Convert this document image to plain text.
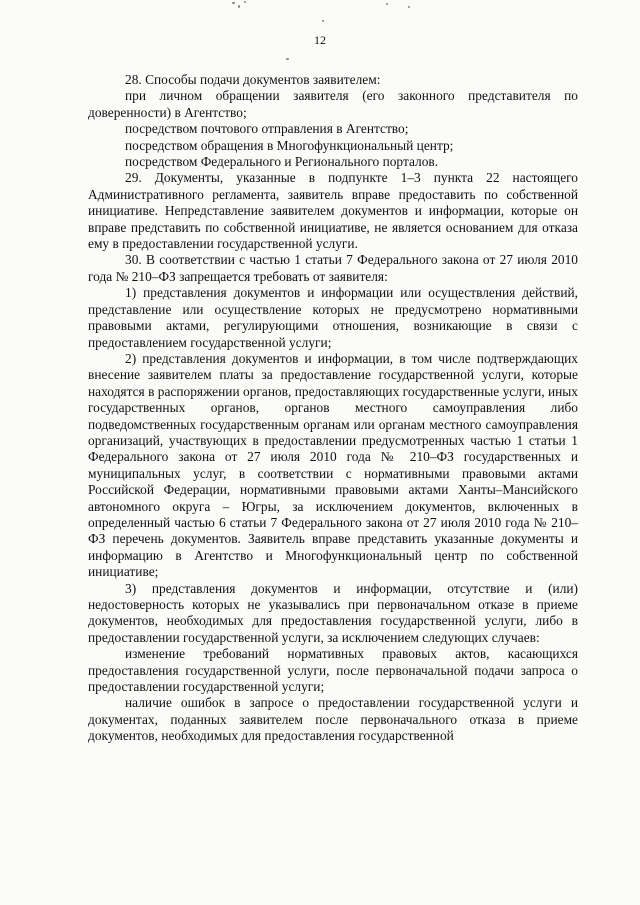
12

28. Способы подачи документов заявителем:

при личном обращении заявителя (его законного представителя по доверенности) в Агентство;

посредством почтового отправления в Агентство;

посредством обращения в Многофункциональный центр;

посредством Федерального и Регионального порталов.

29. Документы, указанные в подпункте 1–3 пункта 22 настоящего Административного регламента, заявитель вправе предоставить по собственной инициативе. Непредставление заявителем документов и информации, которые он вправе представить по собственной инициативе, не является основанием для отказа ему в предоставлении государственной услуги.

30. В соответствии с частью 1 статьи 7 Федерального закона от 27 июля 2010 года № 210–ФЗ запрещается требовать от заявителя:

1) представления документов и информации или осуществления действий, представление или осуществление которых не предусмотрено нормативными правовыми актами, регулирующими отношения, возникающие в связи с предоставлением государственной услуги;

2) представления документов и информации, в том числе подтверждающих внесение заявителем платы за предоставление государственной услуги, которые находятся в распоряжении органов, предоставляющих государственные услуги, иных государственных органов, органов местного самоуправления либо подведомственных государственным органам или органам местного самоуправления организаций, участвующих в предоставлении предусмотренных частью 1 статьи 1 Федерального закона от 27 июля 2010 года № 210–ФЗ государственных и муниципальных услуг, в соответствии с нормативными правовыми актами Российской Федерации, нормативными правовыми актами Ханты–Мансийского автономного округа – Югры, за исключением документов, включенных в определенный частью 6 статьи 7 Федерального закона от 27 июля 2010 года № 210–ФЗ перечень документов. Заявитель вправе представить указанные документы и информацию в Агентство и Многофункциональный центр по собственной инициативе;

3) представления документов и информации, отсутствие и (или) недостоверность которых не указывались при первоначальном отказе в приеме документов, необходимых для предоставления государственной услуги, либо в предоставлении государственной услуги, за исключением следующих случаев:

изменение требований нормативных правовых актов, касающихся предоставления государственной услуги, после первоначальной подачи запроса о предоставлении государственной услуги;

наличие ошибок в запросе о предоставлении государственной услуги и документах, поданных заявителем после первоначального отказа в приеме документов, необходимых для предоставления государственной
